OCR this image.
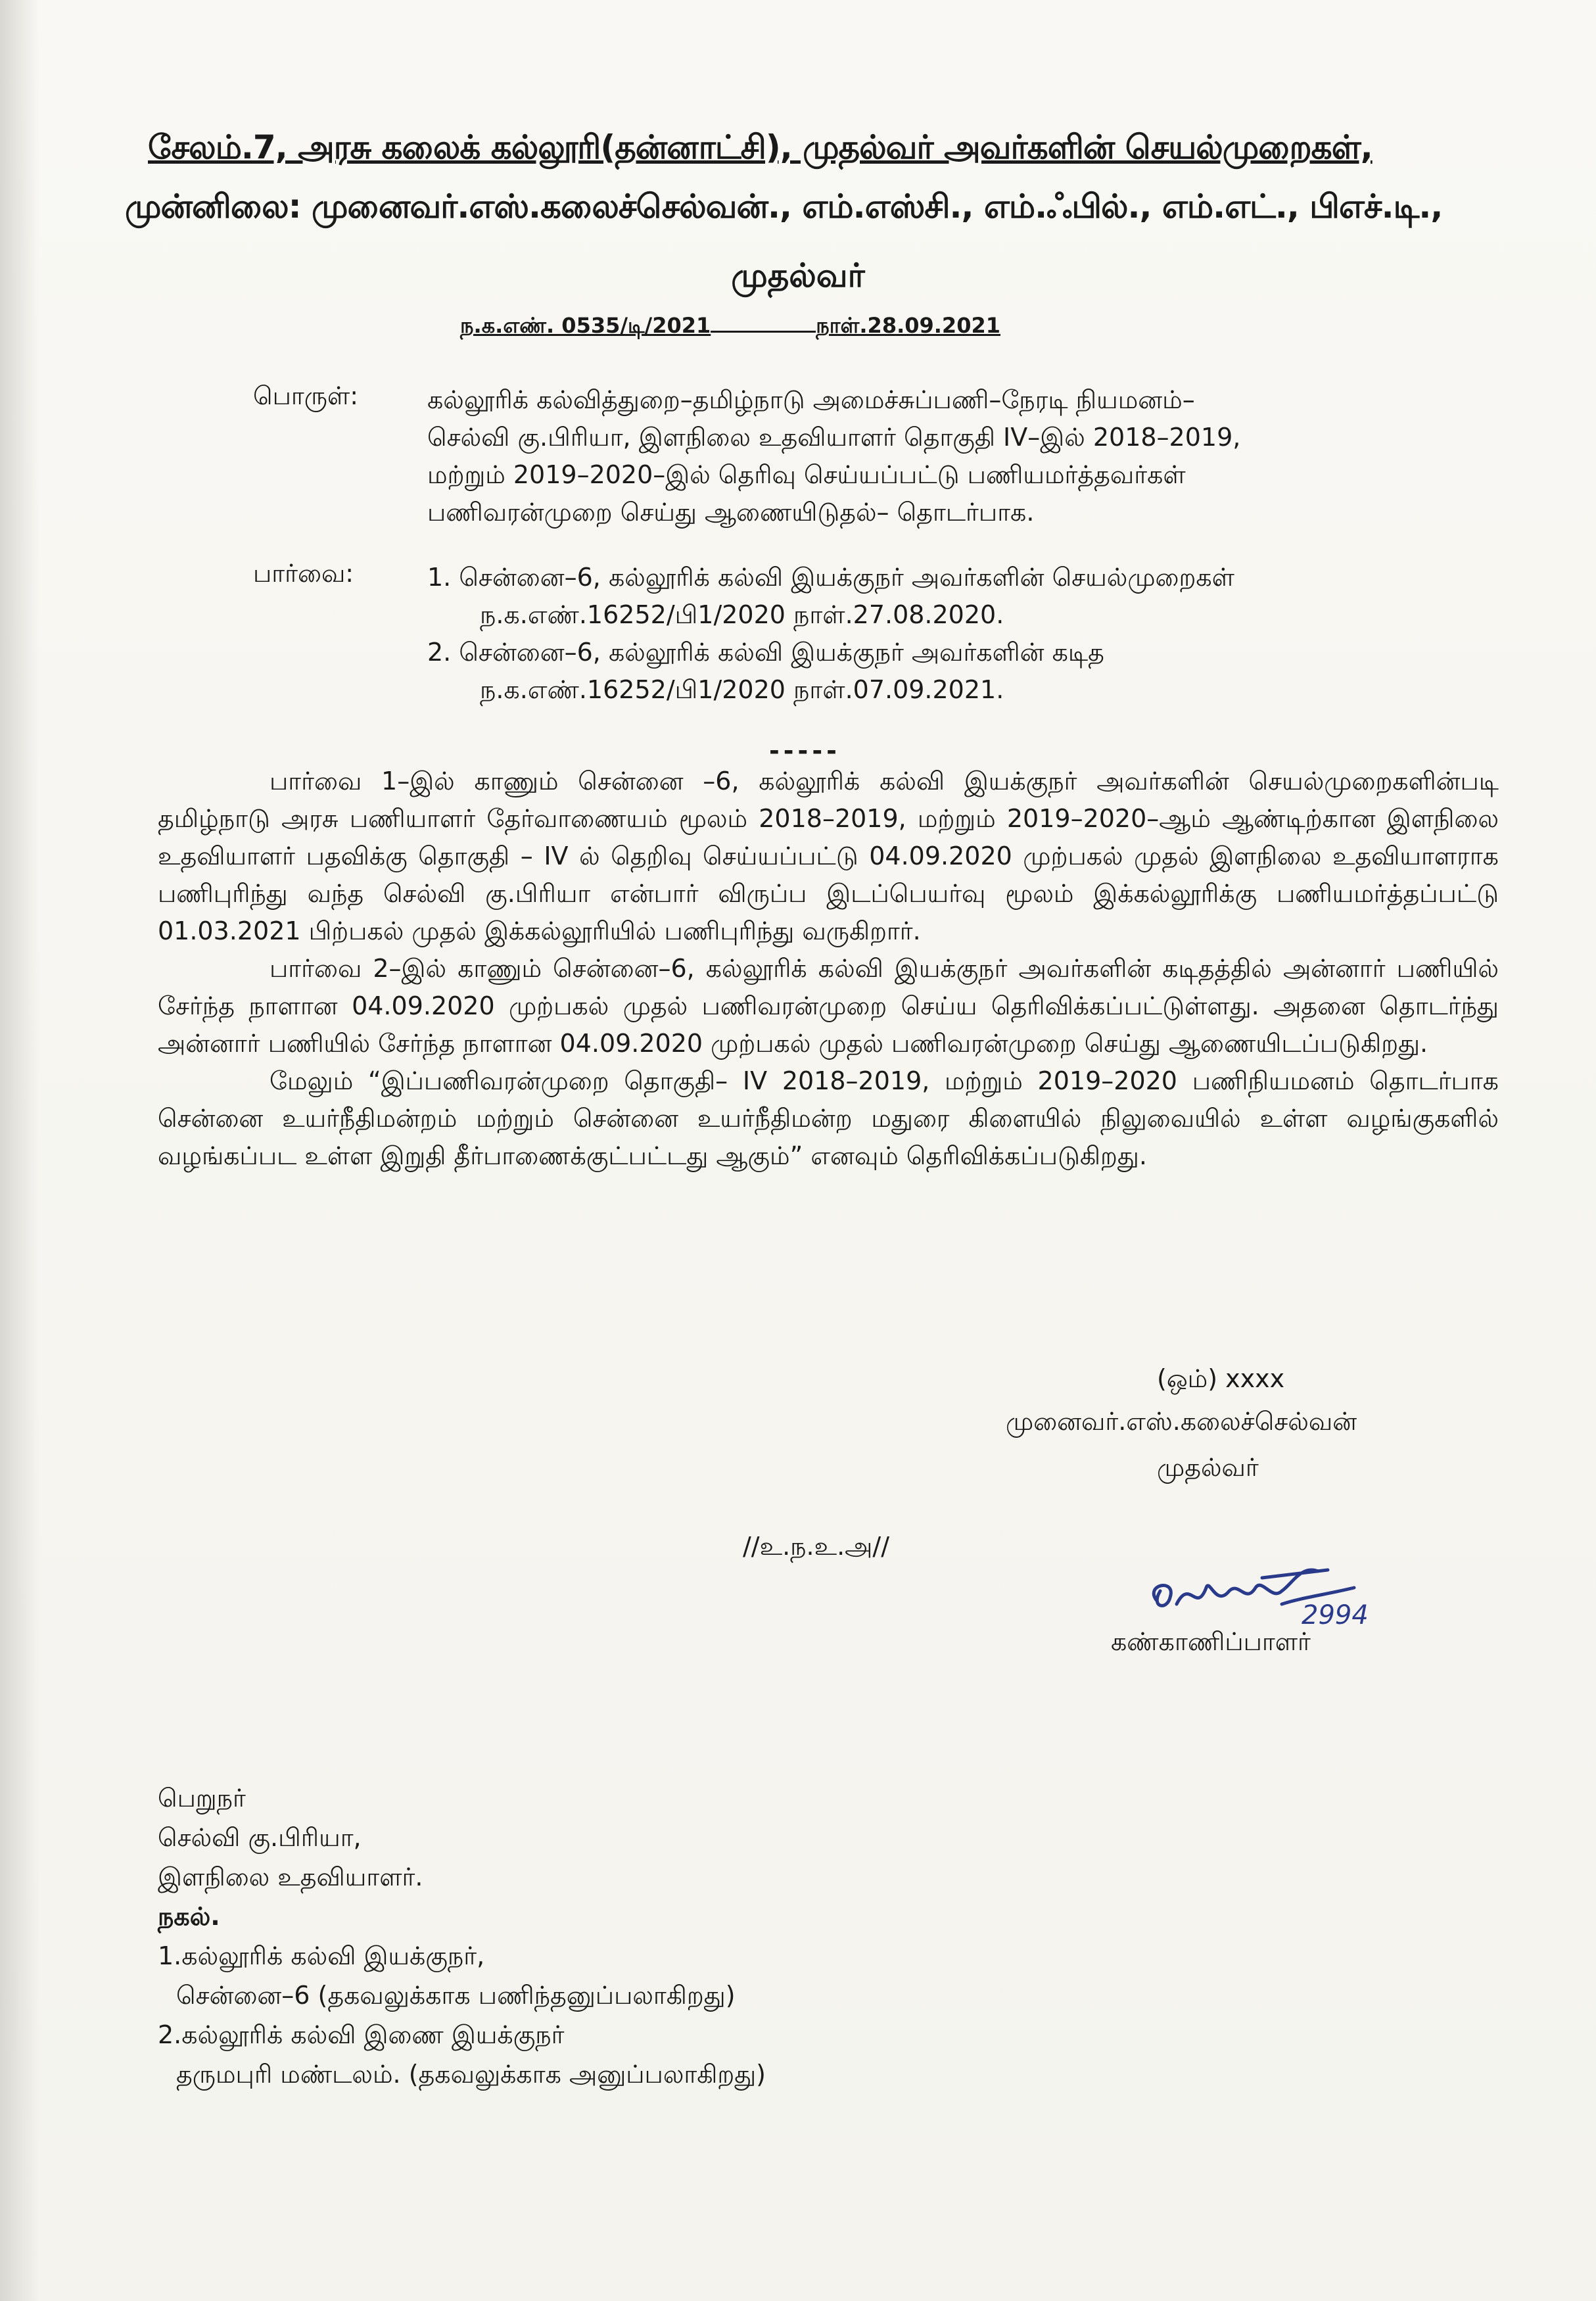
சேலம்.7, அரசு கலைக் கல்லூரி(தன்னாட்சி), முதல்வர் அவர்களின் செயல்முறைகள்,
முன்னிலை: முனைவர்.எஸ்.கலைச்செல்வன்., எம்.எஸ்சி., எம்.ஃபில்., எம்.எட்., பிஎச்.டி.,
முதல்வர்
ந.க.எண். 0535/டி/2021	நாள்.28.09.2021
பொருள்:	கல்லூரிக் கல்வித்துறை–தமிழ்நாடு அமைச்சுப்பணி–நேரடி நியமனம்–
செல்வி கு.பிரியா, இளநிலை உதவியாளர் தொகுதி IV–இல் 2018–2019,
மற்றும் 2019–2020–இல் தெரிவு செய்யப்பட்டு பணியமர்த்தவர்கள்
பணிவரன்முறை செய்து ஆணையிடுதல்– தொடர்பாக.
பார்வை:	1. சென்னை–6, கல்லூரிக் கல்வி இயக்குநர் அவர்களின் செயல்முறைகள்
ந.க.எண்.16252/பி1/2020 நாள்.27.08.2020.
2. சென்னை–6, கல்லூரிக் கல்வி இயக்குநர் அவர்களின் கடித
ந.க.எண்.16252/பி1/2020 நாள்.07.09.2021.
-----

பார்வை 1–இல் காணும் சென்னை –6, கல்லூரிக் கல்வி இயக்குநர் அவர்களின் செயல்முறைகளின்படி தமிழ்நாடு அரசு பணியாளர் தேர்வாணையம் மூலம் 2018–2019, மற்றும் 2019–2020–ஆம் ஆண்டிற்கான இளநிலை உதவியாளர் பதவிக்கு தொகுதி – IV ல் தெறிவு செய்யப்பட்டு 04.09.2020 முற்பகல் முதல் இளநிலை உதவியாளராக பணிபுரிந்து வந்த செல்வி கு.பிரியா என்பார் விருப்ப இடப்பெயர்வு மூலம் இக்கல்லூரிக்கு பணியமர்த்தப்பட்டு 01.03.2021 பிற்பகல் முதல் இக்கல்லூரியில் பணிபுரிந்து வருகிறார்.

பார்வை 2–இல் காணும் சென்னை–6, கல்லூரிக் கல்வி இயக்குநர் அவர்களின் கடிதத்தில் அன்னார் பணியில் சேர்ந்த நாளான 04.09.2020 முற்பகல் முதல் பணிவரன்முறை செய்ய தெரிவிக்கப்பட்டுள்ளது. அதனை தொடர்ந்து அன்னார் பணியில் சேர்ந்த நாளான 04.09.2020 முற்பகல் முதல் பணிவரன்முறை செய்து ஆணையிடப்படுகிறது.

மேலும் “இப்பணிவரன்முறை தொகுதி– IV 2018–2019, மற்றும் 2019–2020 பணிநியமனம் தொடர்பாக சென்னை உயர்நீதிமன்றம் மற்றும் சென்னை உயர்நீதிமன்ற மதுரை கிளையில் நிலுவையில் உள்ள வழங்குகளில் வழங்கப்பட உள்ள இறுதி தீர்பாணைக்குட்பட்டது ஆகும்” எனவும் தெரிவிக்கப்படுகிறது.

(ஒம்) xxxx
முனைவர்.எஸ்.கலைச்செல்வன்
முதல்வர்
//உ.ந.உ.அ//
2994
கண்காணிப்பாளர்
பெறுநர்
செல்வி கு.பிரியா,
இளநிலை உதவியாளர்.
நகல்.
1.கல்லூரிக் கல்வி இயக்குநர்,
சென்னை–6 (தகவலுக்காக பணிந்தனுப்பலாகிறது)
2.கல்லூரிக் கல்வி இணை இயக்குநர்
தருமபுரி மண்டலம். (தகவலுக்காக அனுப்பலாகிறது)
